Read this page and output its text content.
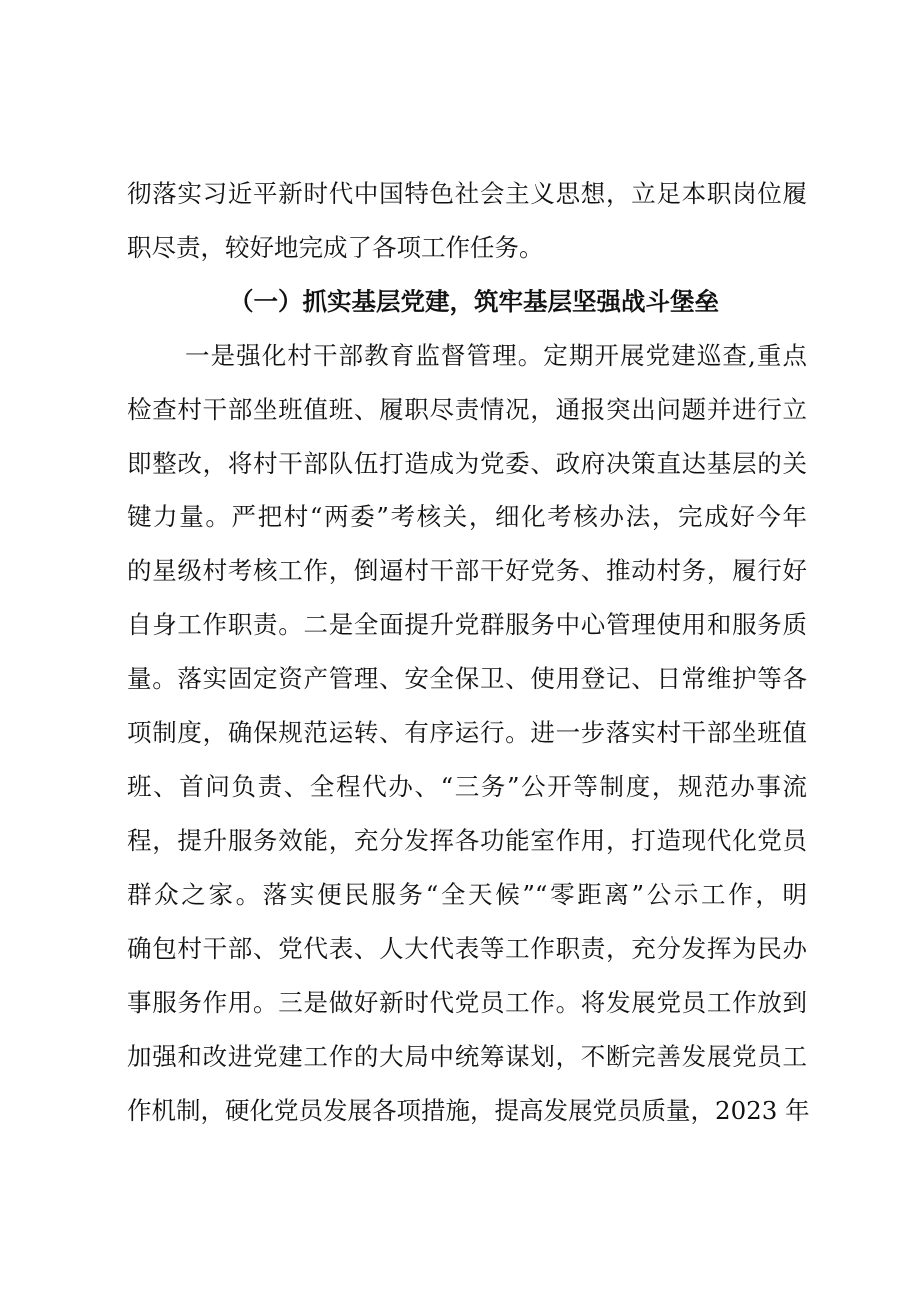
彻落实习近平新时代中国特色社会主义思想，立足本职岗位履
职尽责，较好地完成了各项工作任务。
（一）抓实基层党建，筑牢基层坚强战斗堡垒
一是强化村干部教育监督管理。定期开展党建巡查,重点
检查村干部坐班值班、履职尽责情况，通报突出问题并进行立
即整改，将村干部队伍打造成为党委、政府决策直达基层的关
键力量。严把村“两委”考核关，细化考核办法，完成好今年
的星级村考核工作，倒逼村干部干好党务、推动村务，履行好
自身工作职责。二是全面提升党群服务中心管理使用和服务质
量。落实固定资产管理、安全保卫、使用登记、日常维护等各
项制度，确保规范运转、有序运行。进一步落实村干部坐班值
班、首问负责、全程代办、“三务”公开等制度，规范办事流
程，提升服务效能，充分发挥各功能室作用，打造现代化党员
群众之家。落实便民服务“全天候”“零距离”公示工作，明
确包村干部、党代表、人大代表等工作职责，充分发挥为民办
事服务作用。三是做好新时代党员工作。将发展党员工作放到
加强和改进党建工作的大局中统筹谋划，不断完善发展党员工
作机制，硬化党员发展各项措施，提高发展党员质量，2023 年
